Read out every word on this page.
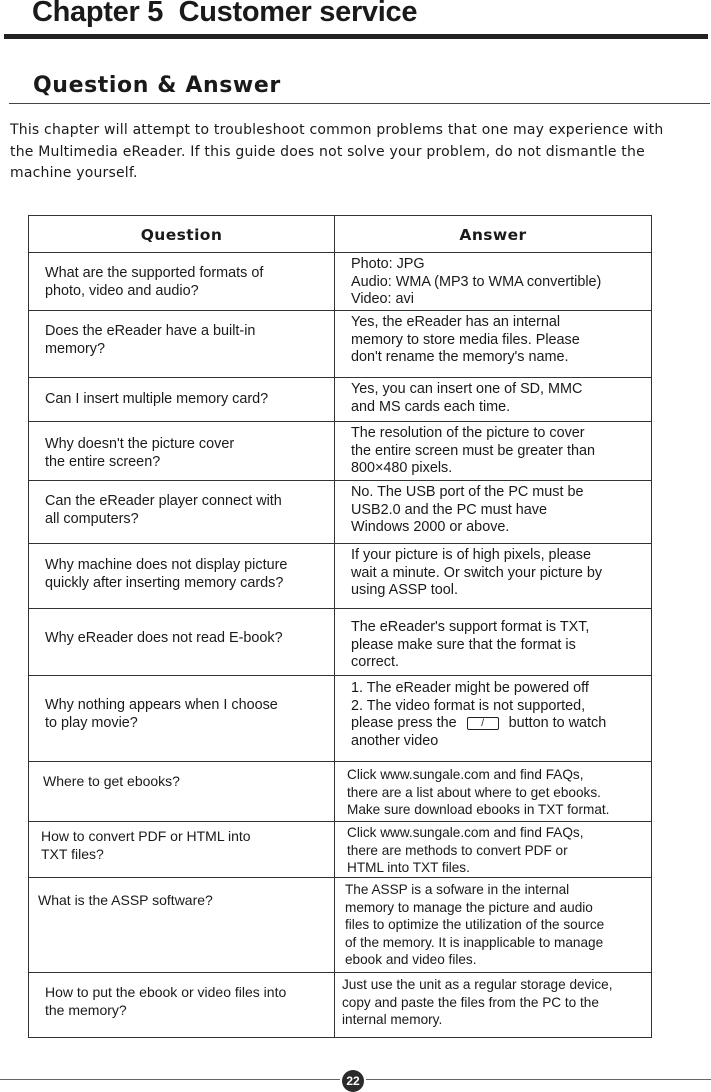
Chapter 5  Customer service
Question & Answer
This chapter will attempt to troubleshoot common problems that one may experience with
the Multimedia eReader. If this guide does not solve your problem, do not dismantle the
machine yourself.
Question	Answer

What are the supported formats of
photo, video and audio?	Photo: JPG
Audio: WMA (MP3 to WMA convertible)
Video: avi

Does the eReader have a built-in
memory?	Yes, the eReader has an internal
memory to store media files. Please
don't rename the memory's name.

Can I insert multiple memory card?	Yes, you can insert one of SD, MMC
and MS cards each time.

Why doesn't the picture cover
the entire screen?	The resolution of the picture to cover
the entire screen must be greater than
800×480 pixels.

Can the eReader player connect with
all computers?	No. The USB port of the PC must be
USB2.0 and the PC must have
Windows 2000 or above.

Why machine does not display picture
quickly after inserting memory cards?	If your picture is of high pixels, please
wait a minute. Or switch your picture by
using ASSP tool.

Why eReader does not read E-book?	The eReader's support format is TXT,
please make sure that the format is
correct.

Why nothing appears when I choose
to play movie?	1. The eReader might be powered off
2. The video format is not supported,
please press the / button to watch
another video

Where to get ebooks?	Click www.sungale.com and find FAQs,
there are a list about where to get ebooks.
Make sure download ebooks in TXT format.

How to convert PDF or HTML into
TXT files?	Click www.sungale.com and find FAQs,
there are methods to convert PDF or
HTML into TXT files.

What is the ASSP software?	The ASSP is a sofware in the internal
memory to manage the picture and audio
files to optimize the utilization of the source
of the memory. It is inapplicable to manage
ebook and video files.

How to put the ebook or video files into
the memory?	Just use the unit as a regular storage device,
copy and paste the files from the PC to the
internal memory.
22
